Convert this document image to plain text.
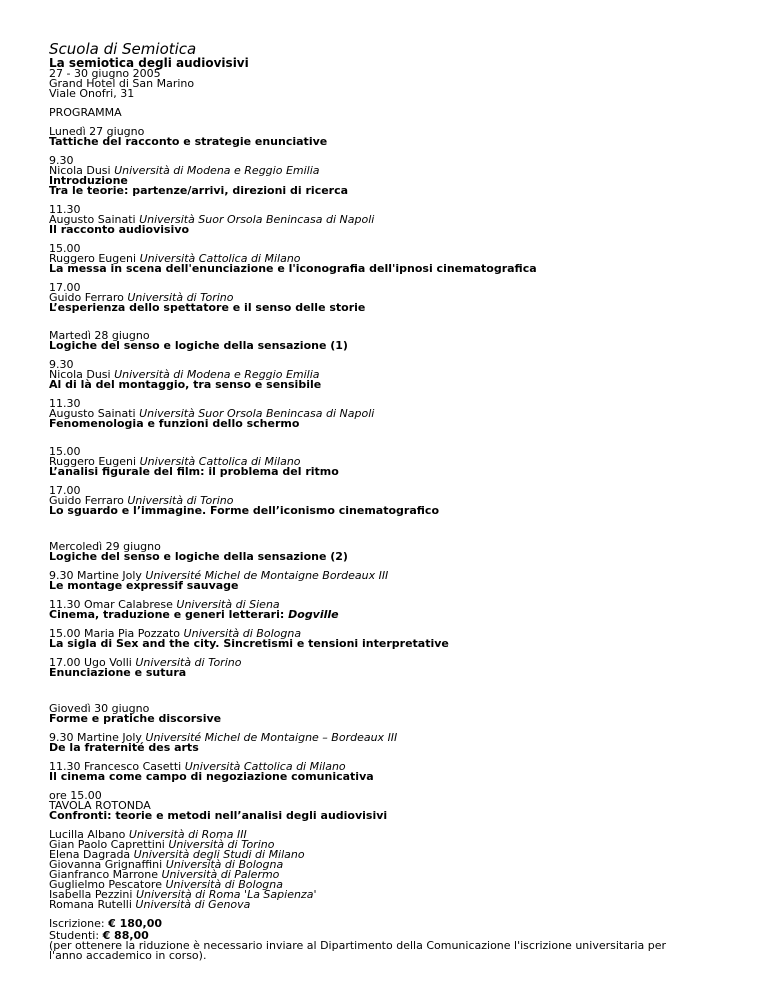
Scuola di Semiotica
La semiotica degli audiovisivi
27 - 30 giugno 2005
Grand Hotel di San Marino
Viale Onofri, 31
PROGRAMMA
Lunedì 27 giugno
Tattiche del racconto e strategie enunciative
9.30
Nicola Dusi Università di Modena e Reggio Emilia
Introduzione
Tra le teorie: partenze/arrivi, direzioni di ricerca
11.30
Augusto Sainati Università Suor Orsola Benincasa di Napoli
Il racconto audiovisivo
15.00
Ruggero Eugeni Università Cattolica di Milano
La messa in scena dell'enunciazione e l'iconografia dell'ipnosi cinematografica
17.00
Guido Ferraro Università di Torino
L’esperienza dello spettatore e il senso delle storie
Martedì 28 giugno
Logiche del senso e logiche della sensazione (1)
9.30
Nicola Dusi Università di Modena e Reggio Emilia
Al di là del montaggio, tra senso e sensibile
11.30
Augusto Sainati Università Suor Orsola Benincasa di Napoli
Fenomenologia e funzioni dello schermo
15.00
Ruggero Eugeni Università Cattolica di Milano
L’analisi figurale del film: il problema del ritmo
17.00
Guido Ferraro Università di Torino
Lo sguardo e l’immagine. Forme dell’iconismo cinematografico
Mercoledì 29 giugno
Logiche del senso e logiche della sensazione (2)
9.30 Martine Joly Université Michel de Montaigne Bordeaux III
Le montage expressif sauvage
11.30 Omar Calabrese Università di Siena
Cinema, traduzione e generi letterari: Dogville
15.00 Maria Pia Pozzato Università di Bologna
La sigla di Sex and the city. Sincretismi e tensioni interpretative
17.00 Ugo Volli Università di Torino
Enunciazione e sutura
Giovedì 30 giugno
Forme e pratiche discorsive
9.30 Martine Joly Université Michel de Montaigne – Bordeaux III
De la fraternité des arts
11.30 Francesco Casetti Università Cattolica di Milano
Il cinema come campo di negoziazione comunicativa
ore 15.00
TAVOLA ROTONDA
Confronti: teorie e metodi nell’analisi degli audiovisivi
Lucilla Albano Università di Roma III
Gian Paolo Caprettini Università di Torino
Elena Dagrada Università degli Studi di Milano
Giovanna Grignaffini Università di Bologna
Gianfranco Marrone Università di Palermo
Guglielmo Pescatore Università di Bologna
Isabella Pezzini Università di Roma 'La Sapienza'
Romana Rutelli Università di Genova
Iscrizione: € 180,00
Studenti: € 88,00
(per ottenere la riduzione è necessario inviare al Dipartimento della Comunicazione l'iscrizione universitaria per l'anno accademico in corso).
